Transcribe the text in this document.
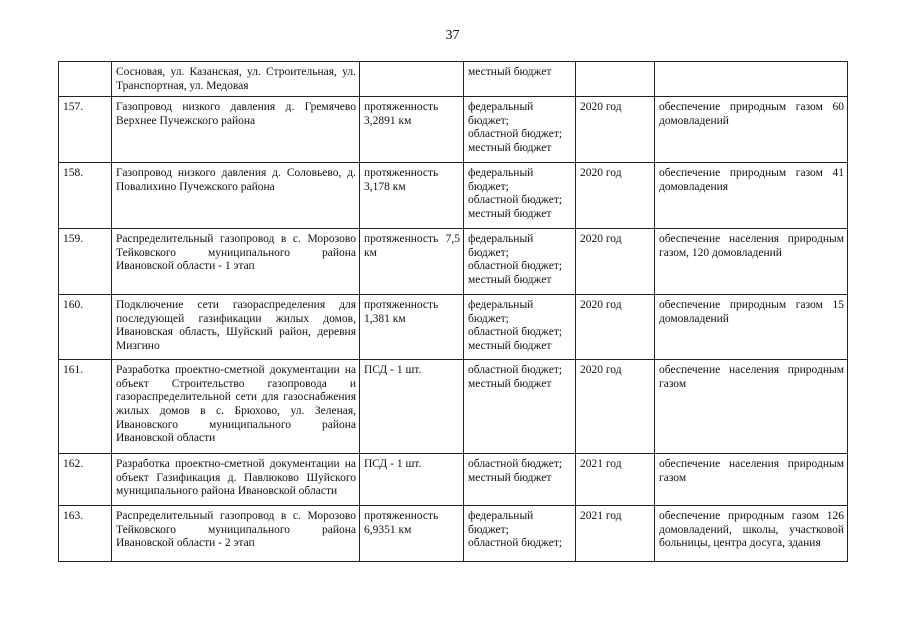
37
	Сосновая, ул. Казанская, ул. Строительная, ул. Транспортная, ул. Медовая		местный бюджет		

157.	Газопровод низкого давления д. Гремячево Верхнее Пучежского района	протяженность 3,2891 км	федеральный бюджет;
областной бюджет;
местный бюджет	2020 год	обеспечение природным газом 60 домовладений
158.	Газопровод низкого давления д. Соловьево, д. Повалихино Пучежского района	протяженность 3,178 км	федеральный бюджет;
областной бюджет;
местный бюджет	2020 год	обеспечение природным газом 41 домовладения
159.	Распределительный газопровод в с. Морозово Тейковского муниципального района Ивановской области - 1 этап	протяженность 7,5 км	федеральный бюджет;
областной бюджет;
местный бюджет	2020 год	обеспечение населения природным газом, 120 домовладений
160.	Подключение сети газораспределения для последующей газификации жилых домов, Ивановская область, Шуйский район, деревня Мизгино	протяженность 1,381 км	федеральный бюджет;
областной бюджет;
местный бюджет	2020 год	обеспечение природным газом 15 домовладений
161.	Разработка проектно-сметной документации на объект Строительство газопровода и газораспределительной сети для газоснабжения жилых домов в с. Брюхово, ул. Зеленая, Ивановского муниципального района Ивановской области	ПСД - 1 шт.	областной бюджет;
местный бюджет	2020 год	обеспечение населения природным газом
162.	Разработка проектно-сметной документации на объект Газификация д. Павлюково Шуйского муниципального района Ивановской области	ПСД - 1 шт.	областной бюджет;
местный бюджет	2021 год	обеспечение населения природным газом
163.	Распределительный газопровод в с. Морозово Тейковского муниципального района Ивановской области - 2 этап	протяженность 6,9351 км	федеральный бюджет;
областной бюджет;	2021 год	обеспечение природным газом 126 домовладений, школы, участковой больницы, центра досуга, здания
